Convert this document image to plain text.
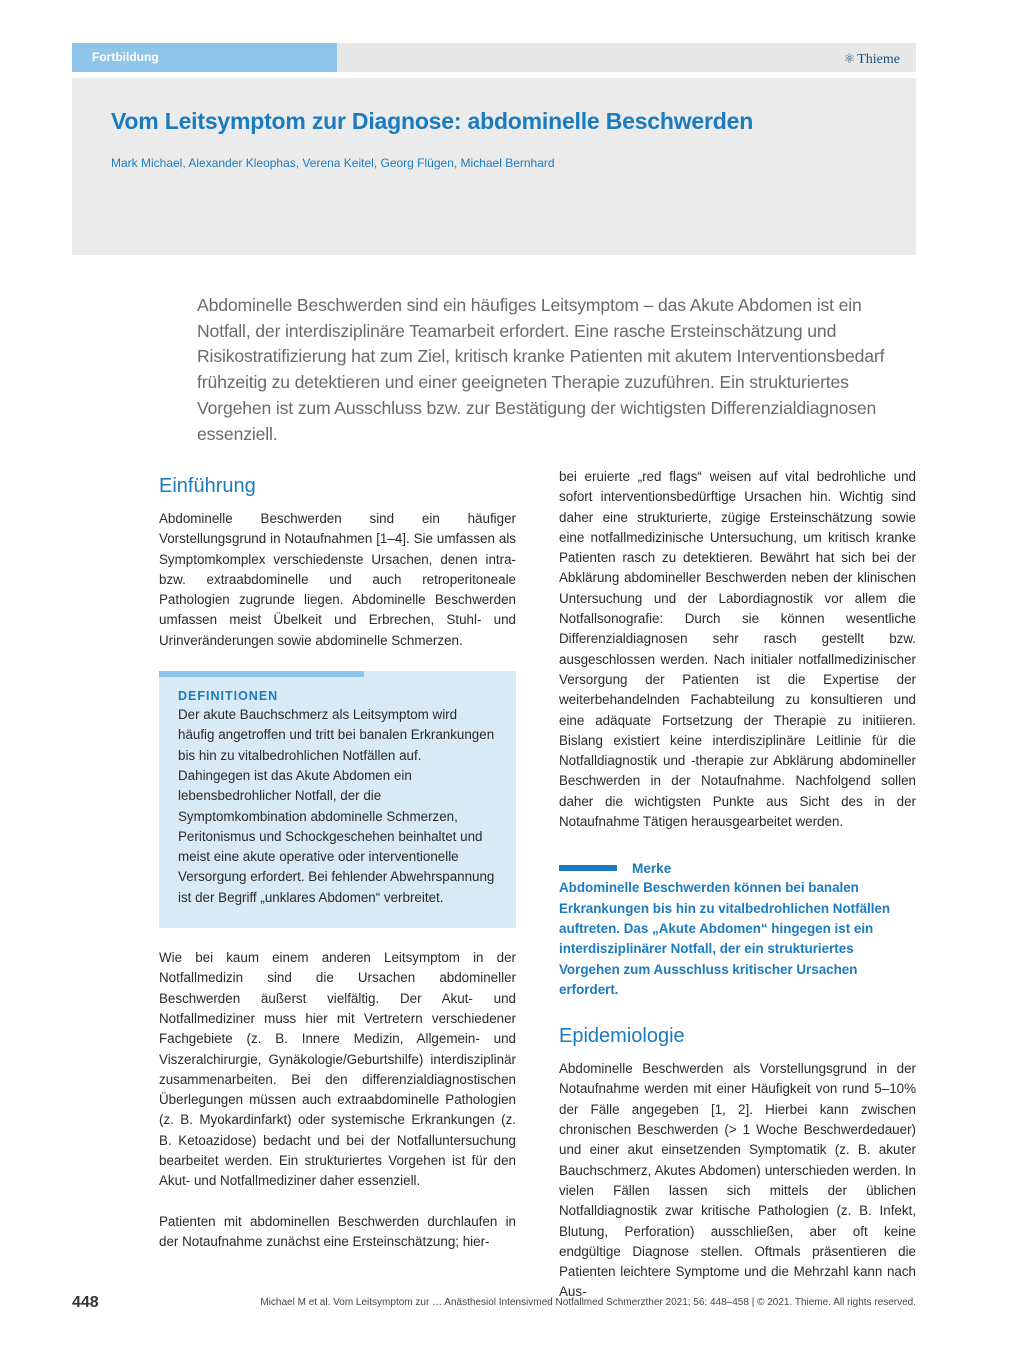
Fortbildung	⚛ Thieme
Vom Leitsymptom zur Diagnose: abdominelle Beschwerden
Mark Michael, Alexander Kleophas, Verena Keitel, Georg Flügen, Michael Bernhard

Abdominelle Beschwerden sind ein häufiges Leitsymptom – das Akute Abdomen ist ein Notfall, der interdisziplinäre Teamarbeit erfordert. Eine rasche Ersteinschätzung und Risikostratifizierung hat zum Ziel, kritisch kranke Patienten mit akutem Interventionsbedarf frühzeitig zu detektieren und einer geeigneten Therapie zuzuführen. Ein strukturiertes Vorgehen ist zum Ausschluss bzw. zur Bestätigung der wichtigsten Differenzialdiagnosen essenziell.

Einführung

Abdominelle Beschwerden sind ein häufiger Vorstellungsgrund in Notaufnahmen [1–4]. Sie umfassen als Symptomkomplex verschiedenste Ursachen, denen intra- bzw. extraabdominelle und auch retroperitoneale Pathologien zugrunde liegen. Abdominelle Beschwerden umfassen meist Übelkeit und Erbrechen, Stuhl- und Urinveränderungen sowie abdominelle Schmerzen.

DEFINITIONEN

Der akute Bauchschmerz als Leitsymptom wird häufig angetroffen und tritt bei banalen Erkrankungen bis hin zu vitalbedrohlichen Notfällen auf. Dahingegen ist das Akute Abdomen ein lebensbedrohlicher Notfall, der die Symptomkombination abdominelle Schmerzen, Peritonismus und Schockgeschehen beinhaltet und meist eine akute operative oder interventionelle Versorgung erfordert. Bei fehlender Abwehrspannung ist der Begriff „unklares Abdomen“ verbreitet.

Wie bei kaum einem anderen Leitsymptom in der Notfallmedizin sind die Ursachen abdomineller Beschwerden äußerst vielfältig. Der Akut- und Notfallmediziner muss hier mit Vertretern verschiedener Fachgebiete (z. B. Innere Medizin, Allgemein- und Viszeralchirurgie, Gynäkologie/Geburtshilfe) interdisziplinär zusammenarbeiten. Bei den differenzialdiagnostischen Überlegungen müssen auch extraabdominelle Pathologien (z. B. Myokardinfarkt) oder systemische Erkrankungen (z. B. Ketoazidose) bedacht und bei der Notfalluntersuchung bearbeitet werden. Ein strukturiertes Vorgehen ist für den Akut- und Notfallmediziner daher essenziell.

Patienten mit abdominellen Beschwerden durchlaufen in der Notaufnahme zunächst eine Ersteinschätzung; hier-

bei eruierte „red flags“ weisen auf vital bedrohliche und sofort interventionsbedürftige Ursachen hin. Wichtig sind daher eine strukturierte, zügige Ersteinschätzung sowie eine notfallmedizinische Untersuchung, um kritisch kranke Patienten rasch zu detektieren. Bewährt hat sich bei der Abklärung abdomineller Beschwerden neben der klinischen Untersuchung und der Labordiagnostik vor allem die Notfallsonografie: Durch sie können wesentliche Differenzialdiagnosen sehr rasch gestellt bzw. ausgeschlossen werden. Nach initialer notfallmedizinischer Versorgung der Patienten ist die Expertise der weiterbehandelnden Fachabteilung zu konsultieren und eine adäquate Fortsetzung der Therapie zu initiieren. Bislang existiert keine interdisziplinäre Leitlinie für die Notfalldiagnostik und -therapie zur Abklärung abdomineller Beschwerden in der Notaufnahme. Nachfolgend sollen daher die wichtigsten Punkte aus Sicht des in der Notaufnahme Tätigen herausgearbeitet werden.

Merke

Abdominelle Beschwerden können bei banalen Erkrankungen bis hin zu vitalbedrohlichen Notfällen auftreten. Das „Akute Abdomen“ hingegen ist ein interdisziplinärer Notfall, der ein strukturiertes Vorgehen zum Ausschluss kritischer Ursachen erfordert.

Epidemiologie

Abdominelle Beschwerden als Vorstellungsgrund in der Notaufnahme werden mit einer Häufigkeit von rund 5–10% der Fälle angegeben [1, 2]. Hierbei kann zwischen chronischen Beschwerden (> 1 Woche Beschwerdedauer) und einer akut einsetzenden Symptomatik (z. B. akuter Bauchschmerz, Akutes Abdomen) unterschieden werden. In vielen Fällen lassen sich mittels der üblichen Notfalldiagnostik zwar kritische Pathologien (z. B. Infekt, Blutung, Perforation) ausschließen, aber oft keine endgültige Diagnose stellen. Oftmals präsentieren die Patienten leichtere Symptome und die Mehrzahl kann nach Aus-

448	Michael M et al. Vom Leitsymptom zur … Anästhesiol Intensivmed Notfallmed Schmerzther 2021; 56: 448–458 | © 2021. Thieme. All rights reserved.
